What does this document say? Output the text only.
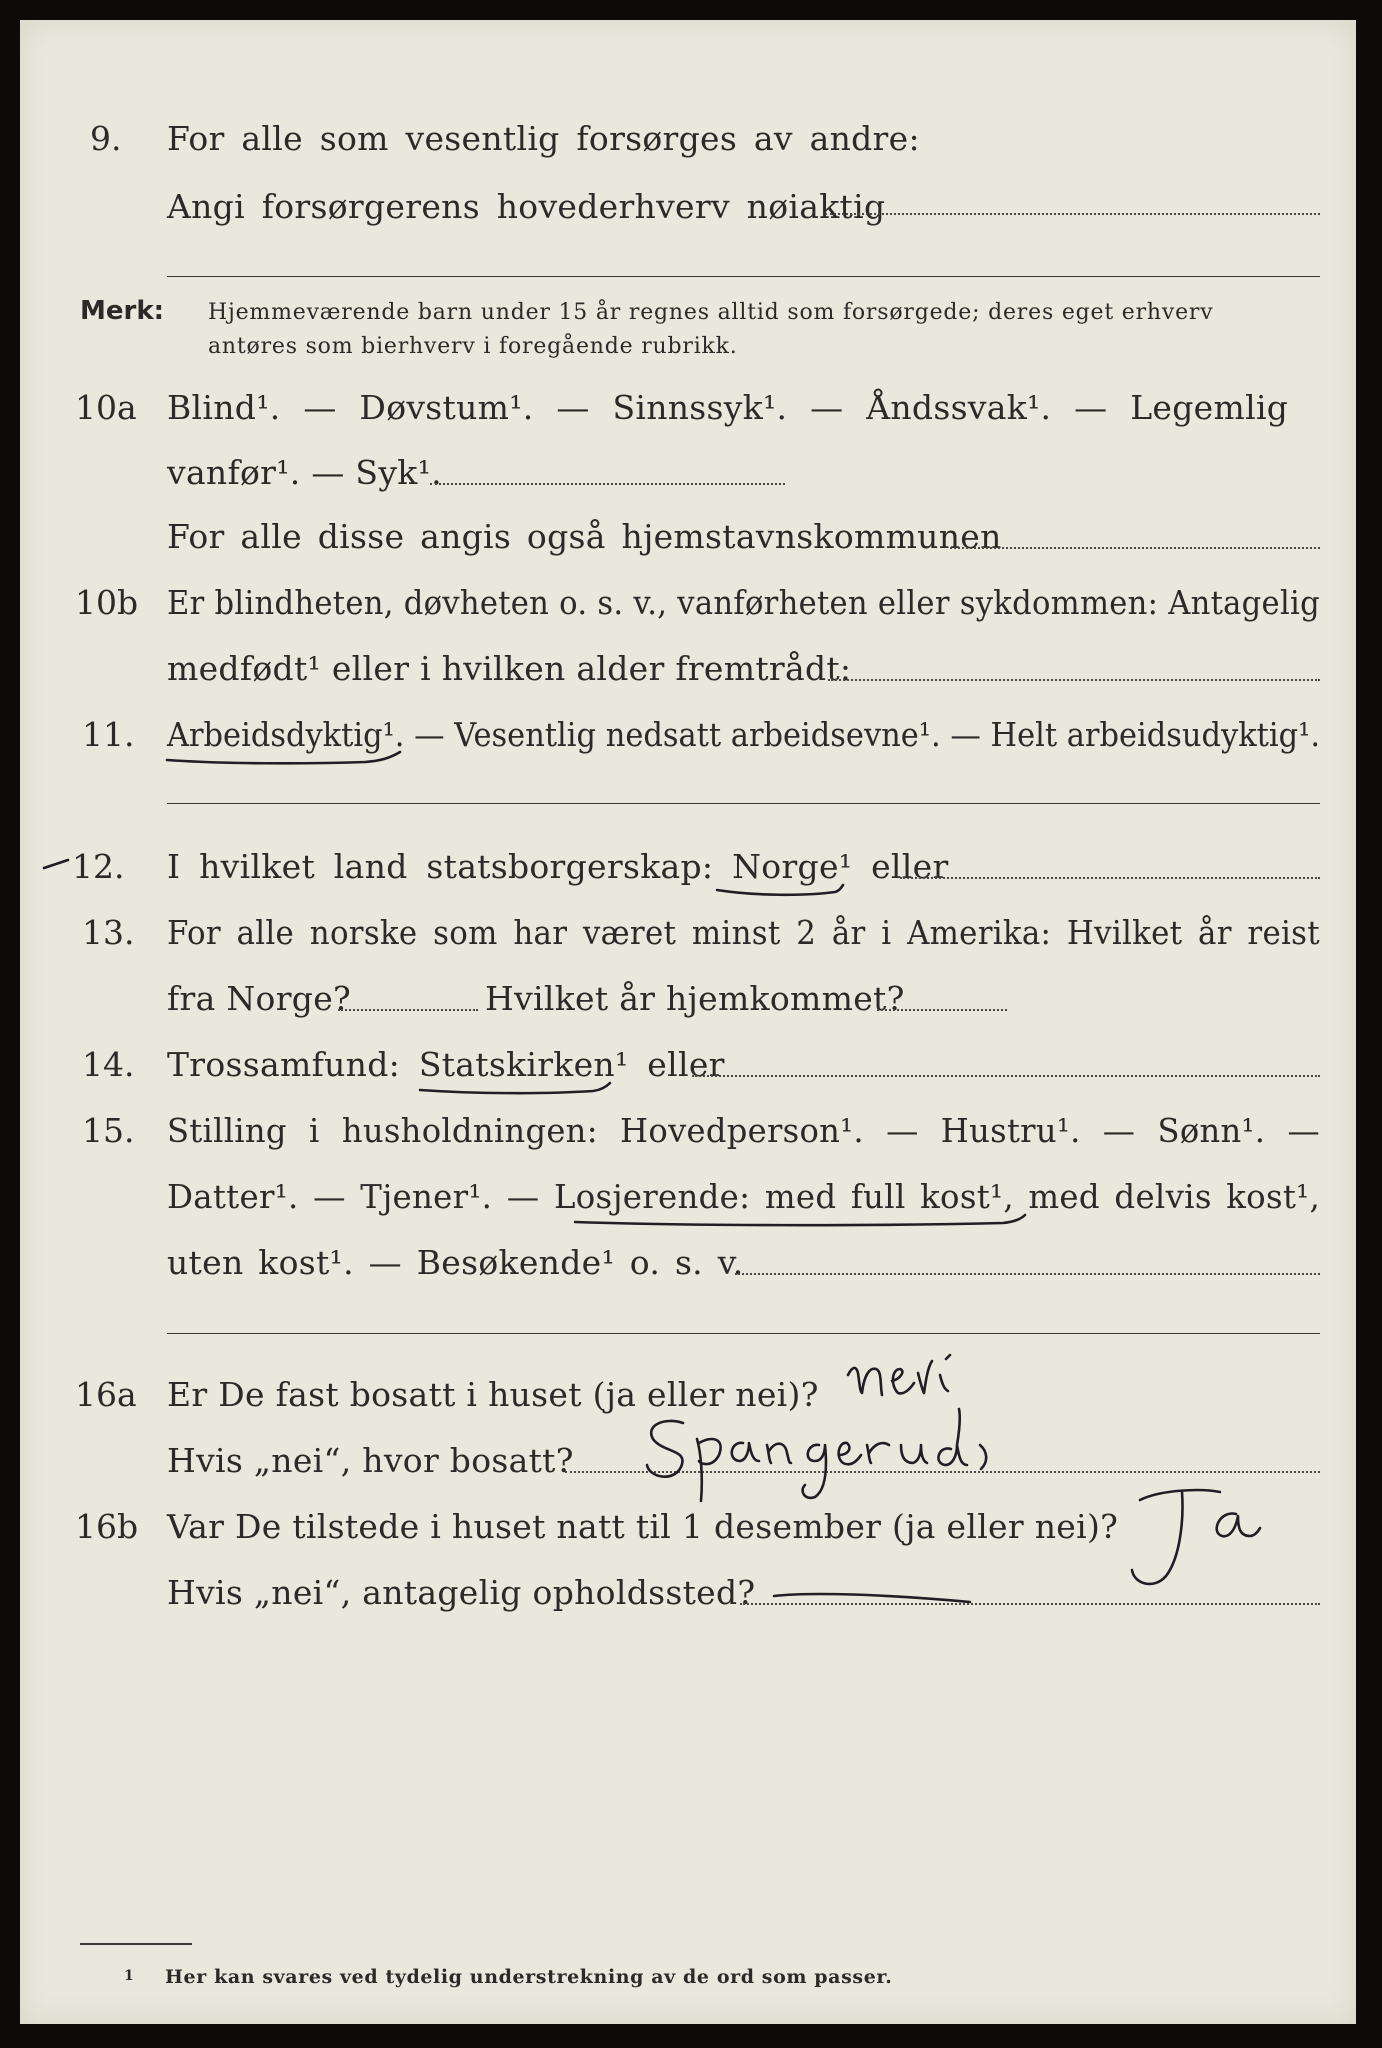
9. For alle som vesentlig forsørges av andre:
Angi forsørgerens hovederhverv nøiaktig
Merk: Hjemmeværende barn under 15 år regnes alltid som forsørgede; deres eget erhverv
antøres som bierhverv i foregående rubrikk.
10a Blind¹. — Døvstum¹. — Sinnssyk¹. — Åndssvak¹. — Legemlig
vanfør¹. — Syk¹.
For alle disse angis også hjemstavnskommunen
10b Er blindheten, døvheten o. s. v., vanførheten eller sykdommen: Antagelig
medfødt¹ eller i hvilken alder fremtrådt:
11. Arbeidsdyktig¹. — Vesentlig nedsatt arbeidsevne¹. — Helt arbeidsudyktig¹.
12. I hvilket land statsborgerskap: Norge¹ eller
13. For alle norske som har været minst 2 år i Amerika: Hvilket år reist
fra Norge?	Hvilket år hjemkommet?
14. Trossamfund: Statskirken¹ eller
15. Stilling i husholdningen: Hovedperson¹. — Hustru¹. — Sønn¹. —
Datter¹. — Tjener¹. — Losjerende: med full kost¹, med delvis kost¹,
uten kost¹. — Besøkende¹ o. s. v.
16a Er De fast bosatt i huset (ja eller nei)?
Hvis „nei“, hvor bosatt?
16b Var De tilstede i huset natt til 1 desember (ja eller nei)?
Hvis „nei“, antagelig opholdssted?
1 Her kan svares ved tydelig understrekning av de ord som passer.
